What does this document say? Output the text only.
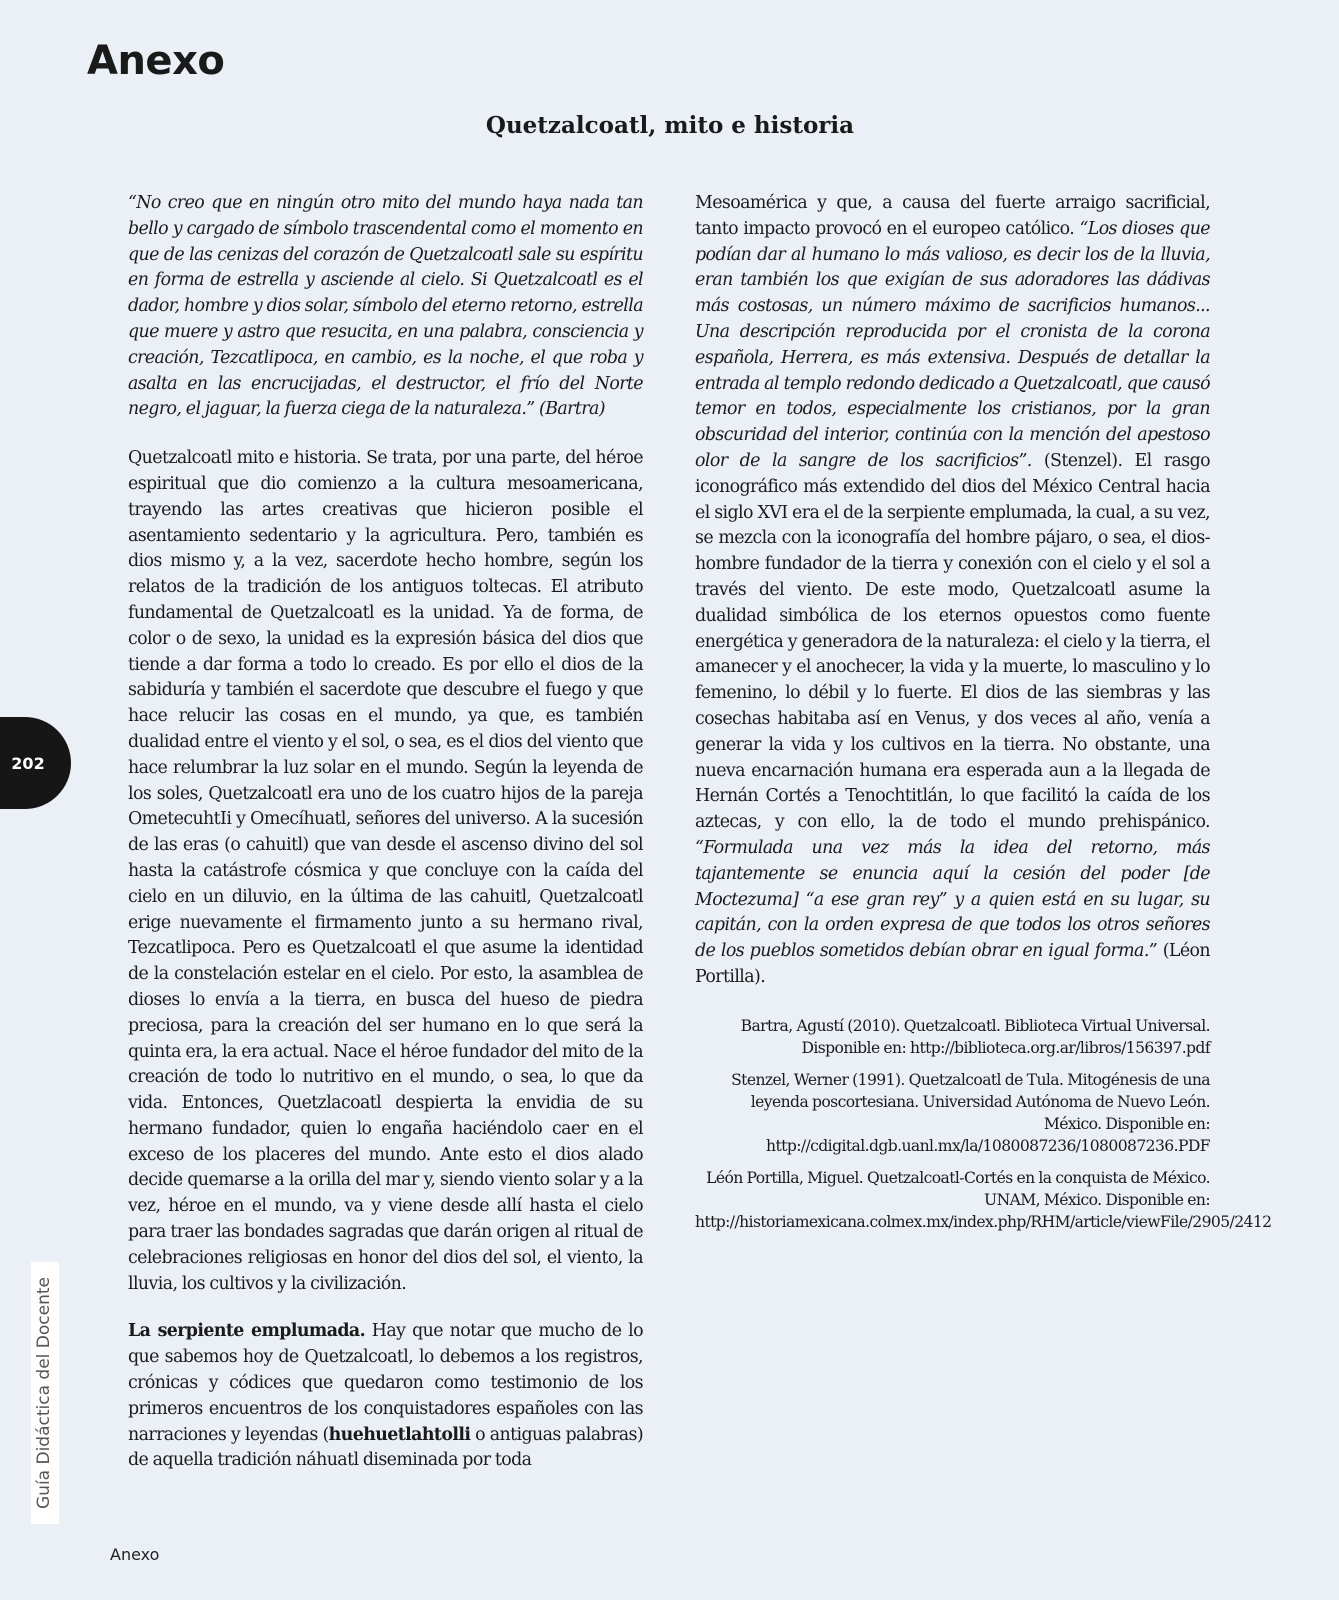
Anexo
Quetzalcoatl, mito e historia

“No creo que en ningún otro mito del mundo haya nada tan bello y cargado de símbolo trascendental como el momento en que de las cenizas del corazón de Quetzalcoatl sale su espíritu en forma de estrella y asciende al cielo. Si Quetzalcoatl es el dador, hombre y dios solar, símbolo del eterno retorno, estrella que muere y astro que resucita, en una palabra, consciencia y creación, Tezcatlipoca, en cambio, es la noche, el que roba y asalta en las encrucijadas, el destructor, el frío del Norte negro, el jaguar, la fuerza ciega de la naturaleza.” (Bartra)

Quetzalcoatl mito e historia. Se trata, por una parte, del héroe espiritual que dio comienzo a la cultura mesoamericana, trayendo las artes creativas que hicieron posible el asentamiento sedentario y la agricultura. Pero, también es dios mismo y, a la vez, sacerdote hecho hombre, según los relatos de la tradición de los antiguos toltecas. El atributo fundamental de Quetzalcoatl es la unidad. Ya de forma, de color o de sexo, la unidad es la expresión básica del dios que tiende a dar forma a todo lo creado. Es por ello el dios de la sabiduría y también el sacerdote que descubre el fuego y que hace relucir las cosas en el mundo, ya que, es también dualidad entre el viento y el sol, o sea, es el dios del viento que hace relumbrar la luz solar en el mundo. Según la leyenda de los soles, Quetzalcoatl era uno de los cuatro hijos de la pareja OmetecuhtIi y Omecíhuatl, señores del universo. A la sucesión de las eras (o cahuitl) que van desde el ascenso divino del sol hasta la catástrofe cósmica y que concluye con la caída del cielo en un diluvio, en la última de las cahuitl, Quetzalcoatl erige nuevamente el firmamento junto a su hermano rival, Tezcatlipoca. Pero es Quetzalcoatl el que asume la identidad de la constelación estelar en el cielo. Por esto, la asamblea de dioses lo envía a la tierra, en busca del hueso de piedra preciosa, para la creación del ser humano en lo que será la quinta era, la era actual. Nace el héroe fundador del mito de la creación de todo lo nutritivo en el mundo, o sea, lo que da vida. Entonces, Quetzlacoatl despierta la envidia de su hermano fundador, quien lo engaña haciéndolo caer en el exceso de los placeres del mundo. Ante esto el dios alado decide quemarse a la orilla del mar y, siendo viento solar y a la vez, héroe en el mundo, va y viene desde allí hasta el cielo para traer las bondades sagradas que darán origen al ritual de celebraciones religiosas en honor del dios del sol, el viento, la lluvia, los cultivos y la civilización.

La serpiente emplumada. Hay que notar que mucho de lo que sabemos hoy de Quetzalcoatl, lo debemos a los registros, crónicas y códices que quedaron como testimonio de los primeros encuentros de los conquistadores españoles con las narraciones y leyendas (huehuetlahtolli o antiguas palabras) de aquella tradición náhuatl diseminada por toda

Mesoamérica y que, a causa del fuerte arraigo sacrificial, tanto impacto provocó en el europeo católico. “Los dioses que podían dar al humano lo más valioso, es decir los de la lluvia, eran también los que exigían de sus adoradores las dádivas más costosas, un número máximo de sacrificios humanos... Una descripción reproducida por el cronista de la corona española, Herrera, es más extensiva. Después de detallar la entrada al templo redondo dedicado a Quetzalcoatl, que causó temor en todos, especialmente los cristianos, por la gran obscuridad del interior, continúa con la mención del apestoso olor de la sangre de los sacrificios”. (Stenzel). El rasgo iconográfico más extendido del dios del México Central hacia el siglo XVI era el de la serpiente emplumada, la cual, a su vez, se mezcla con la iconografía del hombre pájaro, o sea, el dios-hombre fundador de la tierra y conexión con el cielo y el sol a través del viento. De este modo, Quetzalcoatl asume la dualidad simbólica de los eternos opuestos como fuente energética y generadora de la naturaleza: el cielo y la tierra, el amanecer y el anochecer, la vida y la muerte, lo masculino y lo femenino, lo débil y lo fuerte. El dios de las siembras y las cosechas habitaba así en Venus, y dos veces al año, venía a generar la vida y los cultivos en la tierra. No obstante, una nueva encarnación humana era esperada aun a la llegada de Hernán Cortés a Tenochtitlán, lo que facilitó la caída de los aztecas, y con ello, la de todo el mundo prehispánico. “Formulada una vez más la idea del retorno, más tajantemente se enuncia aquí la cesión del poder [de Moctezuma] “a ese gran rey” y a quien está en su lugar, su capitán, con la orden expresa de que todos los otros señores de los pueblos sometidos debían obrar en igual forma.” (Léon Portilla).

Bartra, Agustí (2010). Quetzalcoatl. Biblioteca Virtual Universal. Disponible en: http://biblioteca.org.ar/libros/156397.pdf

Stenzel, Werner (1991). Quetzalcoatl de Tula. Mitogénesis de una leyenda poscortesiana. Universidad Autónoma de Nuevo León. México. Disponible en: http://cdigital.dgb.uanl.mx/la/1080087236/1080087236.PDF

Léón Portilla, Miguel. Quetzalcoatl-Cortés en la conquista de México. UNAM, México. Disponible en: http://historiamexicana.colmex.mx/index.php/RHM/article/viewFile/2905/2412

202
Guía Didáctica del Docente
Anexo
